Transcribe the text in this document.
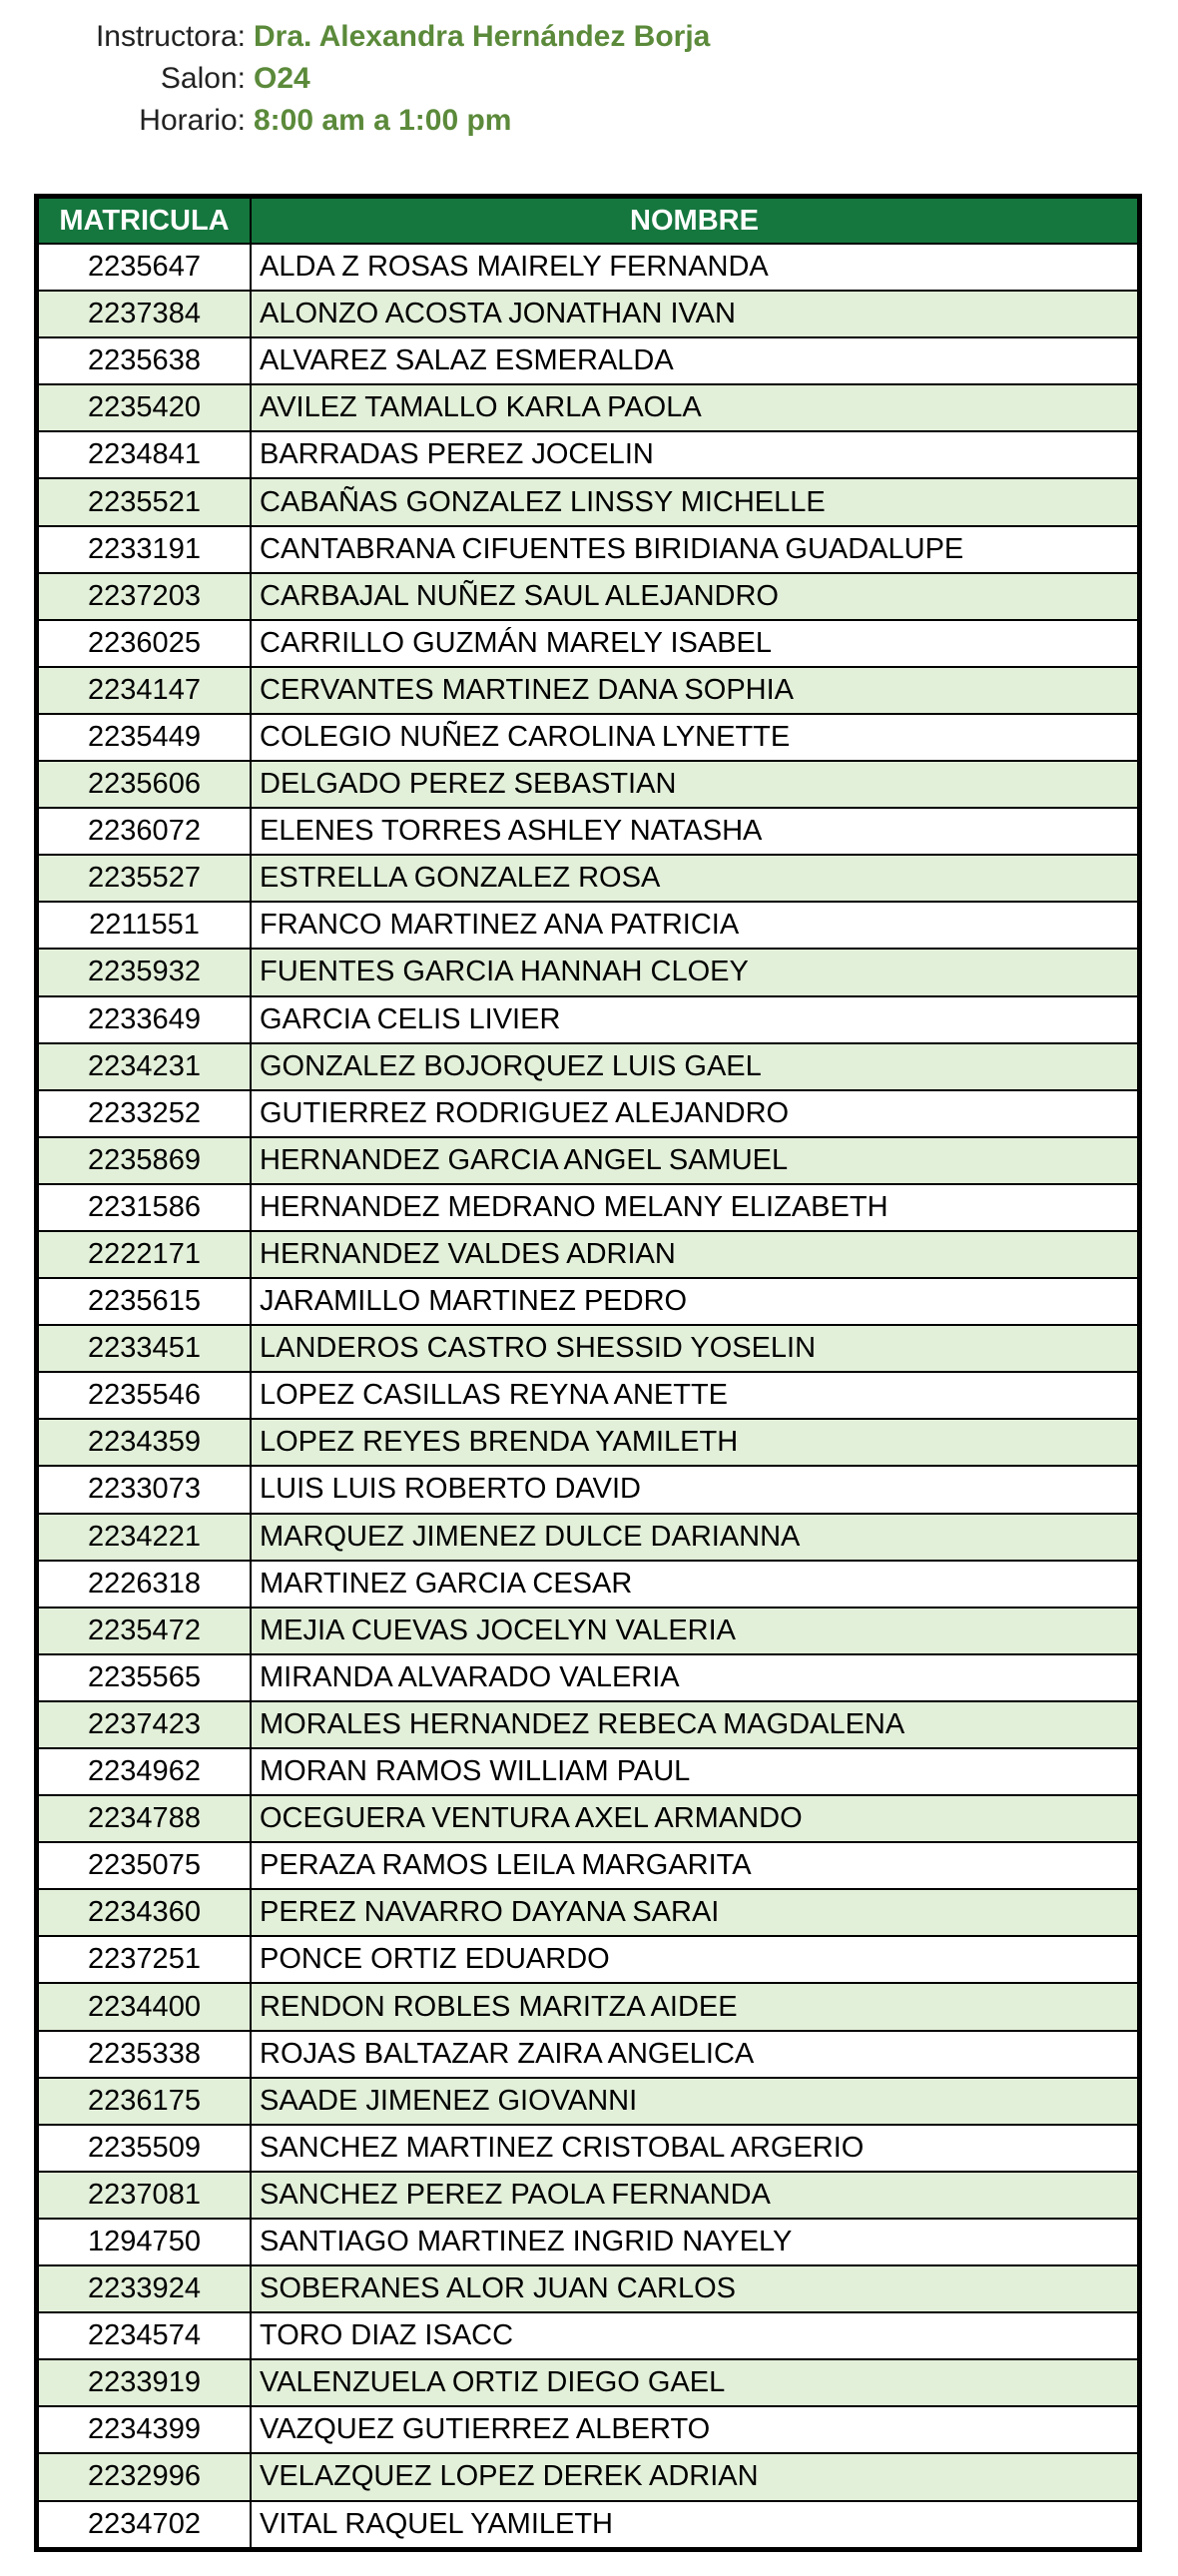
Instructora: Dra. Alexandra Hernández Borja
Salon: O24
Horario: 8:00 am a 1:00 pm
MATRICULA	NOMBRE
2235647	ALDA Z ROSAS MAIRELY FERNANDA
2237384	ALONZO ACOSTA JONATHAN IVAN
2235638	ALVAREZ SALAZ ESMERALDA
2235420	AVILEZ TAMALLO KARLA PAOLA
2234841	BARRADAS PEREZ JOCELIN
2235521	CABAÑAS GONZALEZ LINSSY MICHELLE
2233191	CANTABRANA CIFUENTES BIRIDIANA GUADALUPE
2237203	CARBAJAL NUÑEZ SAUL ALEJANDRO
2236025	CARRILLO GUZMÁN MARELY ISABEL
2234147	CERVANTES MARTINEZ DANA SOPHIA
2235449	COLEGIO NUÑEZ CAROLINA LYNETTE
2235606	DELGADO PEREZ SEBASTIAN
2236072	ELENES TORRES ASHLEY NATASHA
2235527	ESTRELLA GONZALEZ ROSA
2211551	FRANCO MARTINEZ ANA PATRICIA
2235932	FUENTES GARCIA HANNAH CLOEY
2233649	GARCIA CELIS LIVIER
2234231	GONZALEZ BOJORQUEZ LUIS GAEL
2233252	GUTIERREZ RODRIGUEZ ALEJANDRO
2235869	HERNANDEZ GARCIA ANGEL SAMUEL
2231586	HERNANDEZ MEDRANO MELANY ELIZABETH
2222171	HERNANDEZ VALDES ADRIAN
2235615	JARAMILLO MARTINEZ PEDRO
2233451	LANDEROS CASTRO SHESSID YOSELIN
2235546	LOPEZ CASILLAS REYNA ANETTE
2234359	LOPEZ REYES BRENDA YAMILETH
2233073	LUIS LUIS ROBERTO DAVID
2234221	MARQUEZ JIMENEZ DULCE DARIANNA
2226318	MARTINEZ GARCIA CESAR
2235472	MEJIA CUEVAS JOCELYN VALERIA
2235565	MIRANDA ALVARADO VALERIA
2237423	MORALES HERNANDEZ REBECA MAGDALENA
2234962	MORAN RAMOS WILLIAM PAUL
2234788	OCEGUERA VENTURA AXEL ARMANDO
2235075	PERAZA RAMOS LEILA MARGARITA
2234360	PEREZ NAVARRO DAYANA SARAI
2237251	PONCE ORTIZ EDUARDO
2234400	RENDON ROBLES MARITZA AIDEE
2235338	ROJAS BALTAZAR ZAIRA ANGELICA
2236175	SAADE JIMENEZ GIOVANNI
2235509	SANCHEZ MARTINEZ CRISTOBAL ARGERIO
2237081	SANCHEZ PEREZ PAOLA FERNANDA
1294750	SANTIAGO MARTINEZ INGRID NAYELY
2233924	SOBERANES ALOR JUAN CARLOS
2234574	TORO DIAZ ISACC
2233919	VALENZUELA ORTIZ DIEGO GAEL
2234399	VAZQUEZ GUTIERREZ ALBERTO
2232996	VELAZQUEZ LOPEZ DEREK ADRIAN
2234702	VITAL RAQUEL YAMILETH
